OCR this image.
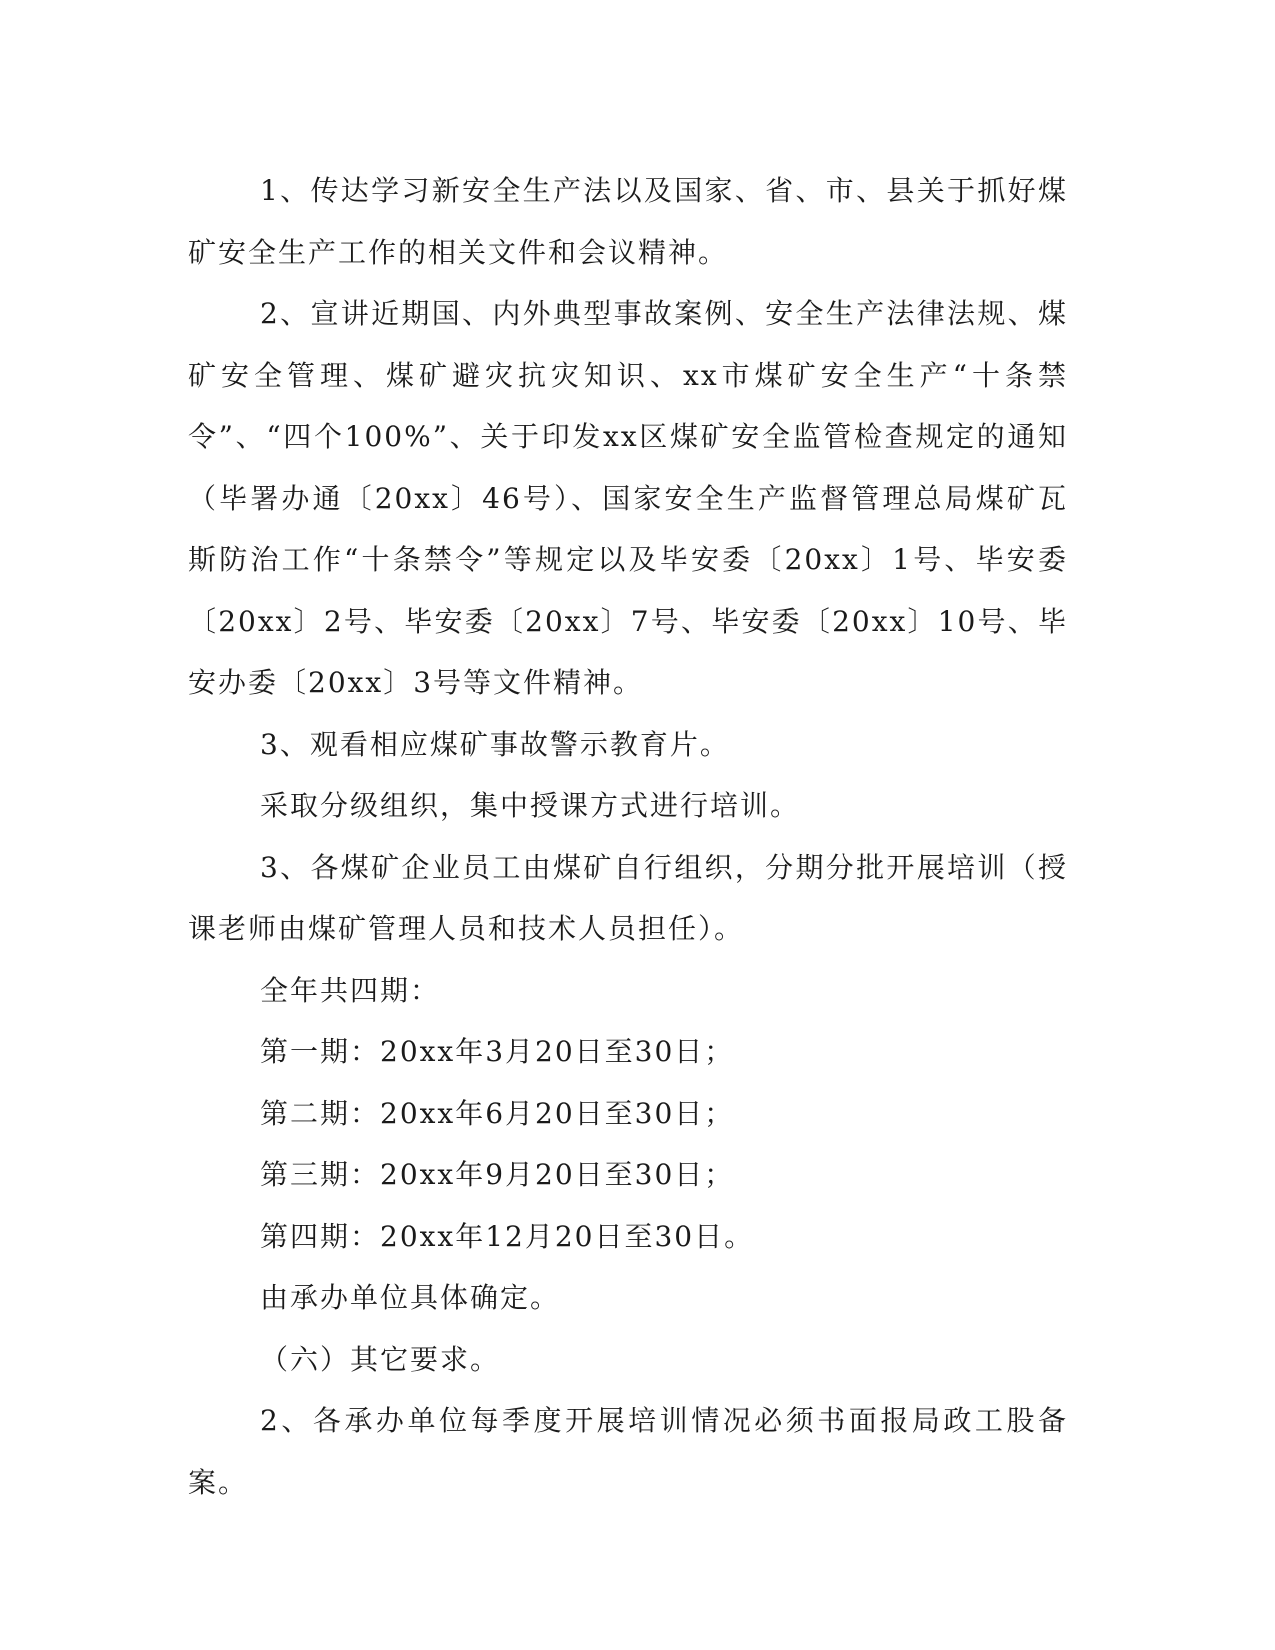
1、传达学习新安全生产法以及国家、省、市、县关于抓好煤矿安全生产工作的相关文件和会议精神。

2、宣讲近期国、内外典型事故案例、安全生产法律法规、煤矿安全管理、煤矿避灾抗灾知识、xx市煤矿安全生产“十条禁令”、“四个100%”、关于印发xx区煤矿安全监管检查规定的通知（毕署办通〔20xx〕46号）、国家安全生产监督管理总局煤矿瓦斯防治工作“十条禁令”等规定以及毕安委〔20xx〕1号、毕安委〔20xx〕2号、毕安委〔20xx〕7号、毕安委〔20xx〕10号、毕安办委〔20xx〕3号等文件精神。

3、观看相应煤矿事故警示教育片。

采取分级组织，集中授课方式进行培训。

3、各煤矿企业员工由煤矿自行组织，分期分批开展培训（授课老师由煤矿管理人员和技术人员担任）。

全年共四期：

第一期：20xx年3月20日至30日；

第二期：20xx年6月20日至30日；

第三期：20xx年9月20日至30日；

第四期：20xx年12月20日至30日。

由承办单位具体确定。

（六）其它要求。

2、各承办单位每季度开展培训情况必须书面报局政工股备案。
